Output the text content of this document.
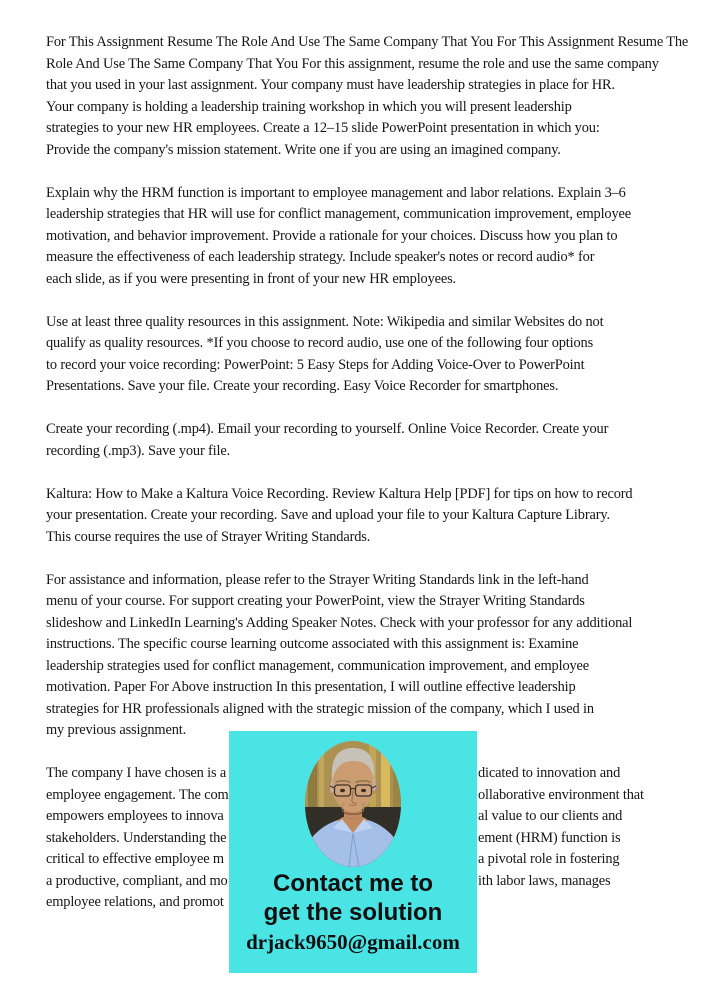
For This Assignment Resume The Role And Use The Same Company That You For This Assignment Resume The
Role And Use The Same Company That You For this assignment, resume the role and use the same company
that you used in your last assignment. Your company must have leadership strategies in place for HR.
Your company is holding a leadership training workshop in which you will present leadership
strategies to your new HR employees. Create a 12–15 slide PowerPoint presentation in which you:
Provide the company's mission statement. Write one if you are using an imagined company.
Explain why the HRM function is important to employee management and labor relations. Explain 3–6
leadership strategies that HR will use for conflict management, communication improvement, employee
motivation, and behavior improvement. Provide a rationale for your choices. Discuss how you plan to
measure the effectiveness of each leadership strategy. Include speaker's notes or record audio* for
each slide, as if you were presenting in front of your new HR employees.
Use at least three quality resources in this assignment. Note: Wikipedia and similar Websites do not
qualify as quality resources. *If you choose to record audio, use one of the following four options
to record your voice recording: PowerPoint: 5 Easy Steps for Adding Voice-Over to PowerPoint
Presentations. Save your file. Create your recording. Easy Voice Recorder for smartphones.
Create your recording (.mp4). Email your recording to yourself. Online Voice Recorder. Create your
recording (.mp3). Save your file.
Kaltura: How to Make a Kaltura Voice Recording. Review Kaltura Help [PDF] for tips on how to record
your presentation. Create your recording. Save and upload your file to your Kaltura Capture Library.
This course requires the use of Strayer Writing Standards.
For assistance and information, please refer to the Strayer Writing Standards link in the left-hand
menu of your course. For support creating your PowerPoint, view the Strayer Writing Standards
slideshow and LinkedIn Learning's Adding Speaker Notes. Check with your professor for any additional
instructions. The specific course learning outcome associated with this assignment is: Examine
leadership strategies used for conflict management, communication improvement, and employee
motivation. Paper For Above instruction In this presentation, I will outline effective leadership
strategies for HR professionals aligned with the strategic mission of the company, which I used in
my previous assignment.
The company I have chosen is a	dicated to innovation and
employee engagement. The com	ollaborative environment that
empowers employees to innova	al value to our clients and
stakeholders. Understanding the	ement (HRM) function is
critical to effective employee m	a pivotal role in fostering
a productive, compliant, and mo	ith labor laws, manages
employee relations, and promot
Contact me to
get the solution
drjack9650@gmail.com
